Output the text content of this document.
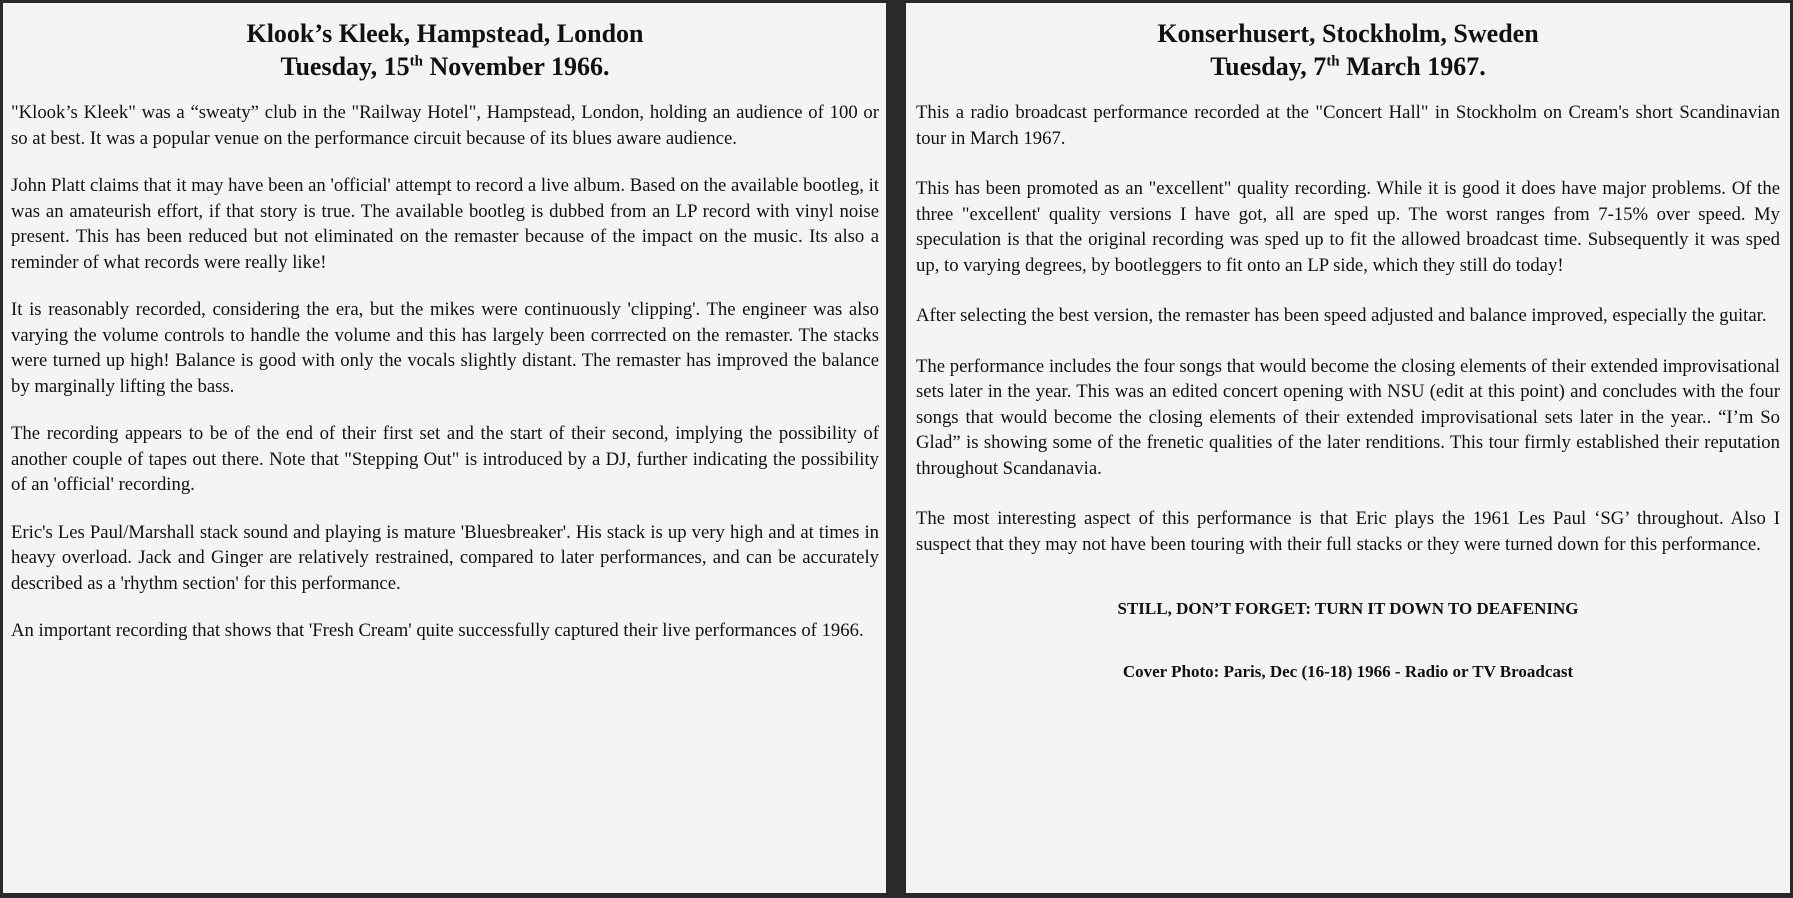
Klook’s Kleek, Hampstead, London
Tuesday, 15th November 1966.

"Klook’s Kleek" was a “sweaty” club in the "Railway Hotel", Hampstead, London, holding an audience of 100 or so at best. It was a popular venue on the performance circuit because of its blues aware audience.

John Platt claims that it may have been an 'official' attempt to record a live album. Based on the available bootleg, it was an amateurish effort, if that story is true. The available bootleg is dubbed from an LP record with vinyl noise present. This has been reduced but not eliminated on the remaster because of the impact on the music. Its also a reminder of what records were really like!

It is reasonably recorded, considering the era, but the mikes were continuously 'clipping'. The engineer was also varying the volume controls to handle the volume and this has largely been corrrected on the remaster. The stacks were turned up high! Balance is good with only the vocals slightly distant. The remaster has improved the balance by marginally lifting the bass.

The recording appears to be of the end of their first set and the start of their second, implying the possibility of another couple of tapes out there. Note that "Stepping Out" is introduced by a DJ, further indicating the possibility of an 'official' recording.

Eric's Les Paul/Marshall stack sound and playing is mature 'Bluesbreaker'. His stack is up very high and at times in heavy overload. Jack and Ginger are relatively restrained, compared to later performances, and can be accurately described as a 'rhythm section' for this performance.

An important recording that shows that 'Fresh Cream' quite successfully captured their live performances of 1966.

Konserhusert, Stockholm, Sweden
Tuesday, 7th March 1967.

This a radio broadcast performance recorded at the "Concert Hall" in Stockholm on Cream's short Scandinavian tour in March 1967.

This has been promoted as an "excellent" quality recording. While it is good it does have major problems. Of the three "excellent' quality versions I have got, all are sped up. The worst ranges from 7-15% over speed. My speculation is that the original recording was sped up to fit the allowed broadcast time. Subsequently it was sped up, to varying degrees, by bootleggers to fit onto an LP side, which they still do today!

After selecting the best version, the remaster has been speed adjusted and balance improved, especially the guitar.

The performance includes the four songs that would become the closing elements of their extended improvisational sets later in the year. This was an edited concert opening with NSU (edit at this point) and concludes with the four songs that would become the closing elements of their extended improvisational sets later in the year.. “I’m So Glad” is showing some of the frenetic qualities of the later renditions. This tour firmly established their reputation throughout Scandanavia.

The most interesting aspect of this performance is that Eric plays the 1961 Les Paul ‘SG’ throughout. Also I suspect that they may not have been touring with their full stacks or they were turned down for this performance.

STILL, DON’T FORGET: TURN IT DOWN TO DEAFENING

Cover Photo: Paris, Dec (16-18) 1966 - Radio or TV Broadcast
